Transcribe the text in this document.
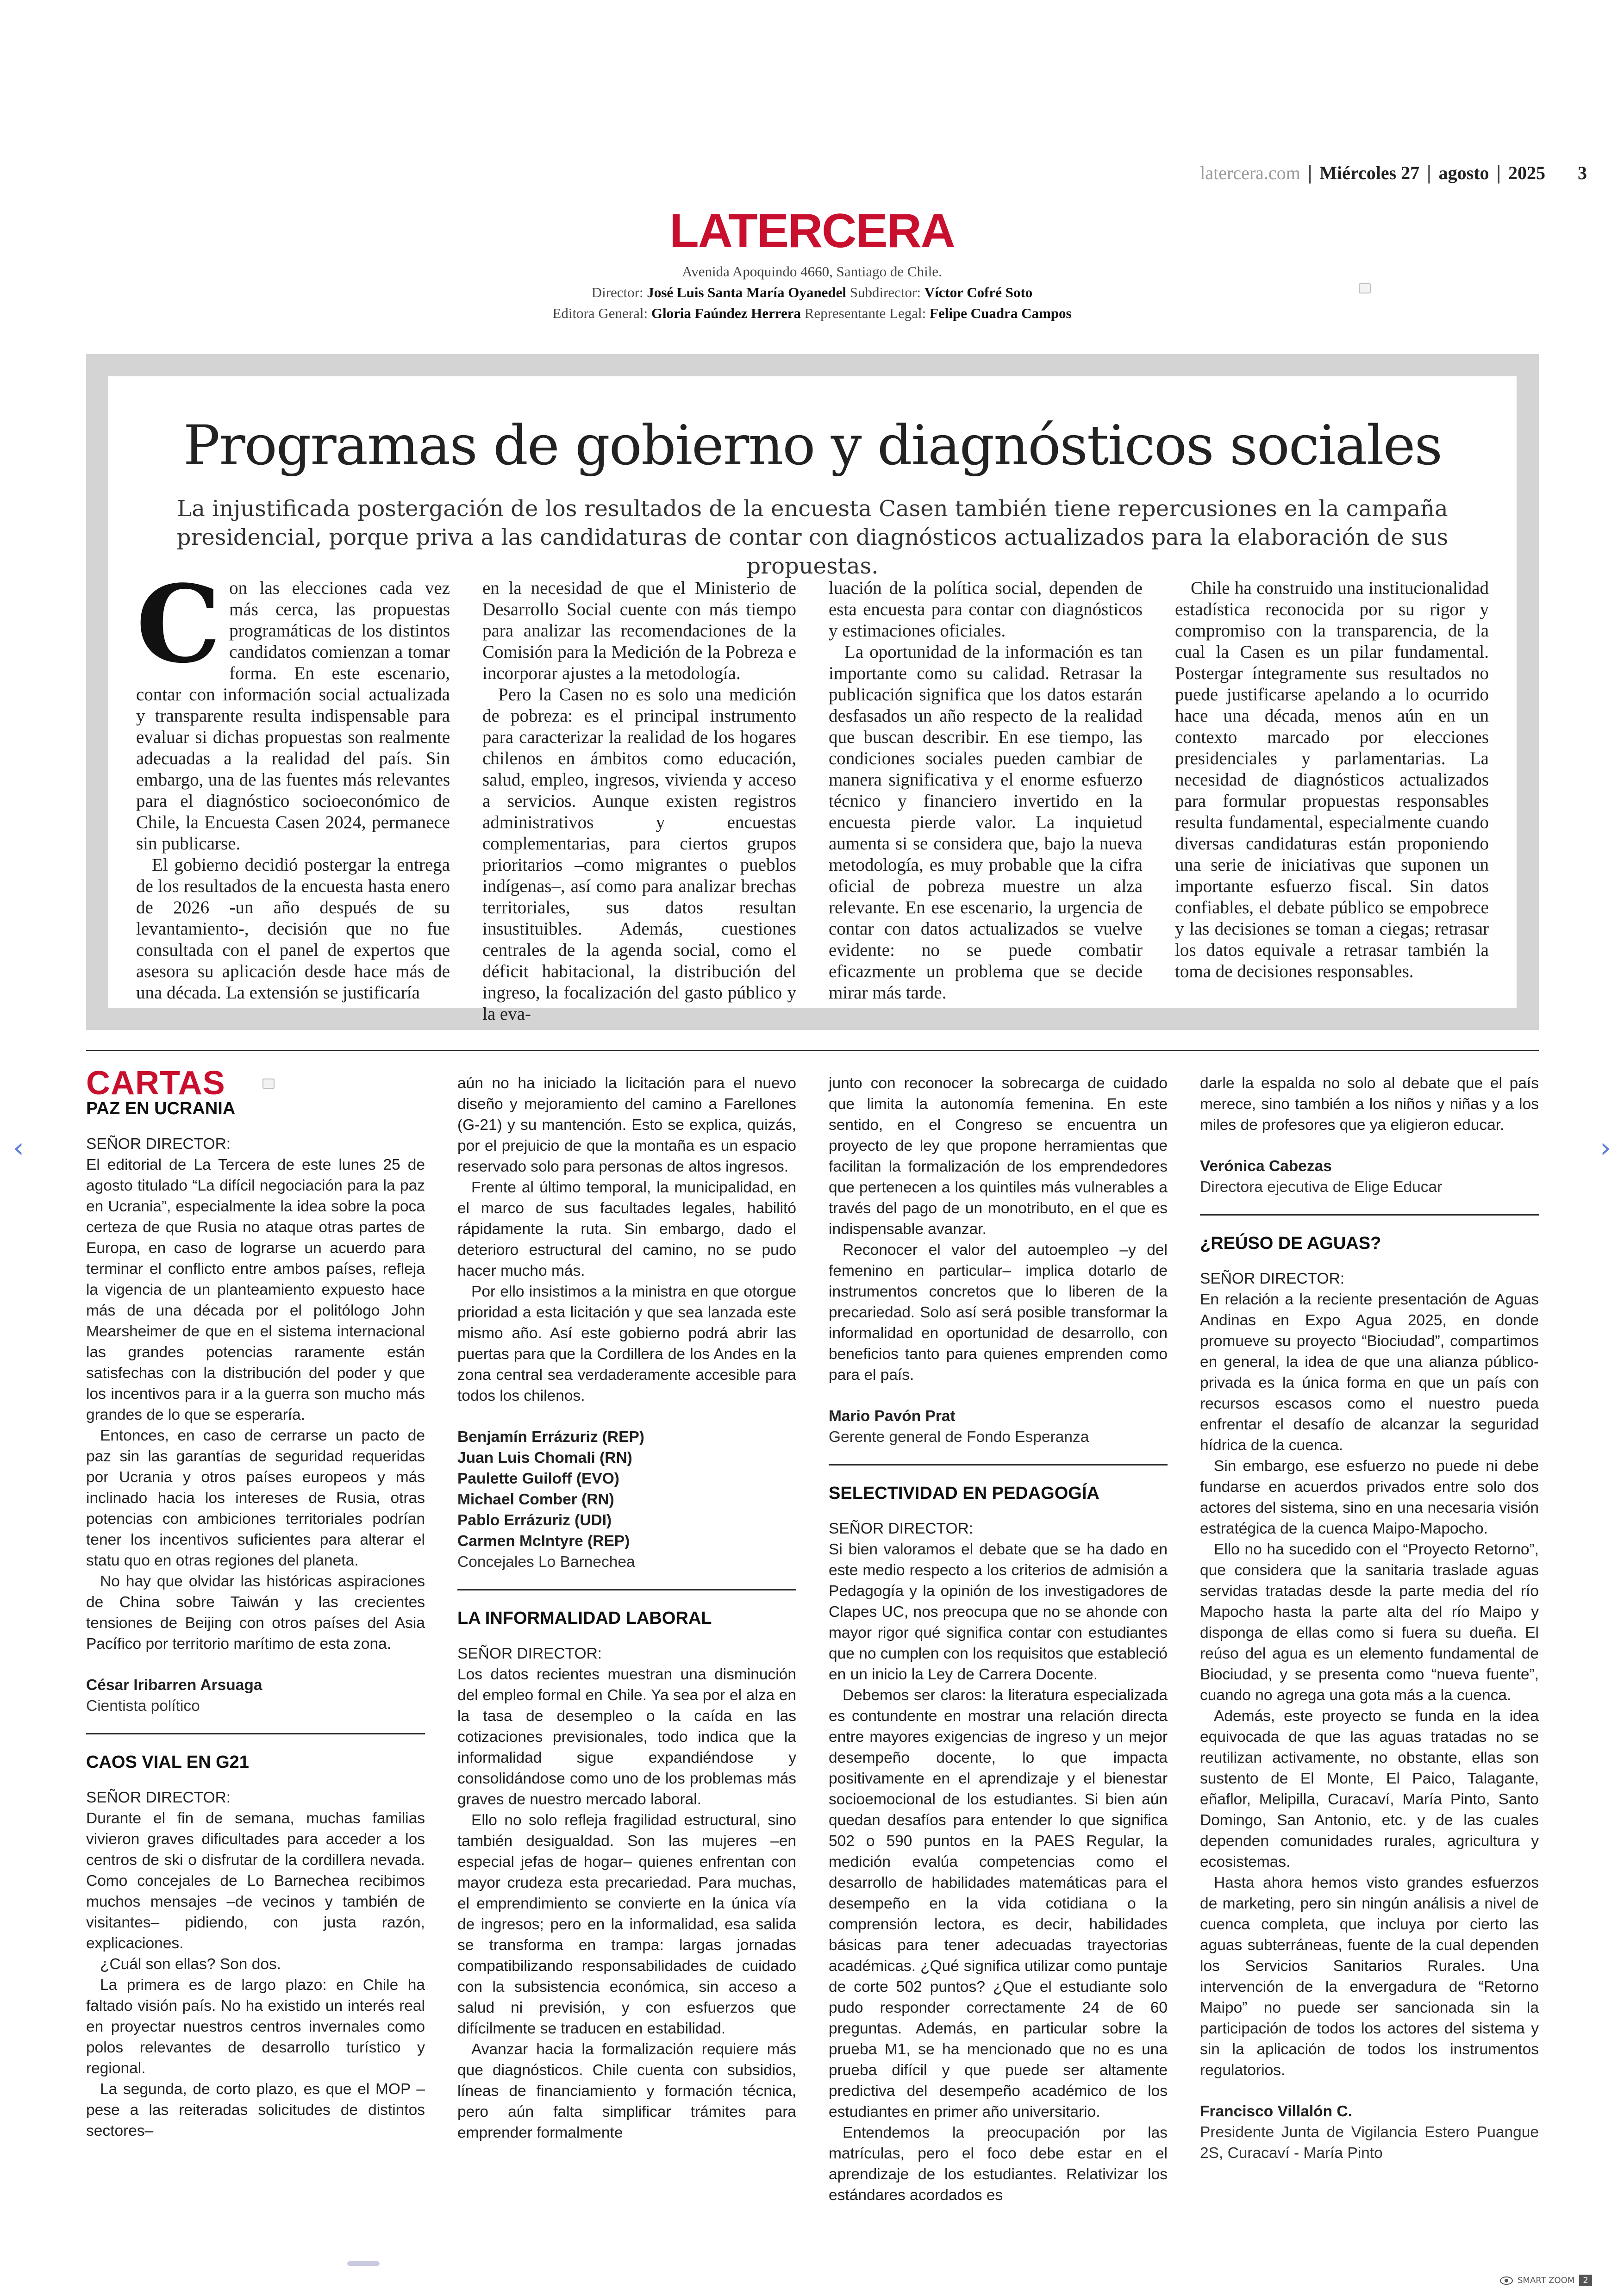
latercera.com | Miércoles 27 | agosto | 2025 3
LATERCERA
Avenida Apoquindo 4660, Santiago de Chile.
Director: José Luis Santa María Oyanedel Subdirector: Víctor Cofré Soto
Editora General: Gloria Faúndez Herrera Representante Legal: Felipe Cuadra Campos
Programas de gobierno y diagnósticos sociales
La injustificada postergación de los resultados de la encuesta Casen también tiene repercusiones en la campaña presidencial, porque priva a las candidaturas de contar con diagnósticos actualizados para la elaboración de sus propuestas.

Con las elecciones cada vez más cerca, las propuestas programáticas de los distintos candidatos comienzan a tomar forma. En este escenario, contar con información social actualizada y transparente resulta indispensable para evaluar si dichas propuestas son realmente adecuadas a la realidad del país. Sin embargo, una de las fuentes más relevantes para el diagnóstico socioeconómico de Chile, la Encuesta Casen 2024, permanece sin publicarse.

El gobierno decidió postergar la entrega de los resultados de la encuesta hasta enero de 2026 -un año después de su levantamiento-, decisión que no fue consultada con el panel de expertos que asesora su aplicación desde hace más de una década. La extensión se justificaría

en la necesidad de que el Ministerio de Desarrollo Social cuente con más tiempo para analizar las recomendaciones de la Comisión para la Medición de la Pobreza e incorporar ajustes a la metodología.

Pero la Casen no es solo una medición de pobreza: es el principal instrumento para caracterizar la realidad de los hogares chilenos en ámbitos como educación, salud, empleo, ingresos, vivienda y acceso a servicios. Aunque existen registros administrativos y encuestas complementarias, para ciertos grupos prioritarios –como migrantes o pueblos indígenas–, así como para analizar brechas territoriales, sus datos resultan insustituibles. Además, cuestiones centrales de la agenda social, como el déficit habitacional, la distribución del ingreso, la focalización del gasto público y la eva-

luación de la política social, dependen de esta encuesta para contar con diagnósticos y estimaciones oficiales.

La oportunidad de la información es tan importante como su calidad. Retrasar la publicación significa que los datos estarán desfasados un año respecto de la realidad que buscan describir. En ese tiempo, las condiciones sociales pueden cambiar de manera significativa y el enorme esfuerzo técnico y financiero invertido en la encuesta pierde valor. La inquietud aumenta si se considera que, bajo la nueva metodología, es muy probable que la cifra oficial de pobreza muestre un alza relevante. En ese escenario, la urgencia de contar con datos actualizados se vuelve evidente: no se puede combatir eficazmente un problema que se decide mirar más tarde.

Chile ha construido una institucionalidad estadística reconocida por su rigor y compromiso con la transparencia, de la cual la Casen es un pilar fundamental. Postergar íntegramente sus resultados no puede justificarse apelando a lo ocurrido hace una década, menos aún en un contexto marcado por elecciones presidenciales y parlamentarias. La necesidad de diagnósticos actualizados para formular propuestas responsables resulta fundamental, especialmente cuando diversas candidaturas están proponiendo una serie de iniciativas que suponen un importante esfuerzo fiscal. Sin datos confiables, el debate público se empobrece y las decisiones se toman a ciegas; retrasar los datos equivale a retrasar también la toma de decisiones responsables.

CARTAS
PAZ EN UCRANIA

SEÑOR DIRECTOR:

El editorial de La Tercera de este lunes 25 de agosto titulado “La difícil negociación para la paz en Ucrania”, especialmente la idea sobre la poca certeza de que Rusia no ataque otras partes de Europa, en caso de lograrse un acuerdo para terminar el conflicto entre ambos países, refleja la vigencia de un planteamiento expuesto hace más de una década por el politólogo John Mearsheimer de que en el sistema internacional las grandes potencias raramente están satisfechas con la distribución del poder y que los incentivos para ir a la guerra son mucho más grandes de lo que se esperaría.

Entonces, en caso de cerrarse un pacto de paz sin las garantías de seguridad requeridas por Ucrania y otros países europeos y más inclinado hacia los intereses de Rusia, otras potencias con ambiciones territoriales podrían tener los incentivos suficientes para alterar el statu quo en otras regiones del planeta.

No hay que olvidar las históricas aspiraciones de China sobre Taiwán y las crecientes tensiones de Beijing con otros países del Asia Pacífico por territorio marítimo de esta zona.

César Iribarren Arsuaga

Cientista político

CAOS VIAL EN G21

SEÑOR DIRECTOR:

Durante el fin de semana, muchas familias vivieron graves dificultades para acceder a los centros de ski o disfrutar de la cordillera nevada. Como concejales de Lo Barnechea recibimos muchos mensajes –de vecinos y también de visitantes– pidiendo, con justa razón, explicaciones.

¿Cuál son ellas? Son dos.

La primera es de largo plazo: en Chile ha faltado visión país. No ha existido un interés real en proyectar nuestros centros invernales como polos relevantes de desarrollo turístico y regional.

La segunda, de corto plazo, es que el MOP –pese a las reiteradas solicitudes de distintos sectores–

aún no ha iniciado la licitación para el nuevo diseño y mejoramiento del camino a Farellones (G-21) y su mantención. Esto se explica, quizás, por el prejuicio de que la montaña es un espacio reservado solo para personas de altos ingresos.

Frente al último temporal, la municipalidad, en el marco de sus facultades legales, habilitó rápidamente la ruta. Sin embargo, dado el deterioro estructural del camino, no se pudo hacer mucho más.

Por ello insistimos a la ministra en que otorgue prioridad a esta licitación y que sea lanzada este mismo año. Así este gobierno podrá abrir las puertas para que la Cordillera de los Andes en la zona central sea verdaderamente accesible para todos los chilenos.

Benjamín Errázuriz (REP)
Juan Luis Chomali (RN)
Paulette Guiloff (EVO)
Michael Comber (RN)
Pablo Errázuriz (UDI)
Carmen McIntyre (REP)

Concejales Lo Barnechea

LA INFORMALIDAD LABORAL

SEÑOR DIRECTOR:

Los datos recientes muestran una disminución del empleo formal en Chile. Ya sea por el alza en la tasa de desempleo o la caída en las cotizaciones previsionales, todo indica que la informalidad sigue expandiéndose y consolidándose como uno de los problemas más graves de nuestro mercado laboral.

Ello no solo refleja fragilidad estructural, sino también desigualdad. Son las mujeres –en especial jefas de hogar– quienes enfrentan con mayor crudeza esta precariedad. Para muchas, el emprendimiento se convierte en la única vía de ingresos; pero en la informalidad, esa salida se transforma en trampa: largas jornadas compatibilizando responsabilidades de cuidado con la subsistencia económica, sin acceso a salud ni previsión, y con esfuerzos que difícilmente se traducen en estabilidad.

Avanzar hacia la formalización requiere más que diagnósticos. Chile cuenta con subsidios, líneas de financiamiento y formación técnica, pero aún falta simplificar trámites para emprender formalmente

junto con reconocer la sobrecarga de cuidado que limita la autonomía femenina. En este sentido, en el Congreso se encuentra un proyecto de ley que propone herramientas que facilitan la formalización de los emprendedores que pertenecen a los quintiles más vulnerables a través del pago de un monotributo, en el que es indispensable avanzar.

Reconocer el valor del autoempleo –y del femenino en particular– implica dotarlo de instrumentos concretos que lo liberen de la precariedad. Solo así será posible transformar la informalidad en oportunidad de desarrollo, con beneficios tanto para quienes emprenden como para el país.

Mario Pavón Prat

Gerente general de Fondo Esperanza

SELECTIVIDAD EN PEDAGOGÍA

SEÑOR DIRECTOR:

Si bien valoramos el debate que se ha dado en este medio respecto a los criterios de admisión a Pedagogía y la opinión de los investigadores de Clapes UC, nos preocupa que no se ahonde con mayor rigor qué significa contar con estudiantes que no cumplen con los requisitos que estableció en un inicio la Ley de Carrera Docente.

Debemos ser claros: la literatura especializada es contundente en mostrar una relación directa entre mayores exigencias de ingreso y un mejor desempeño docente, lo que impacta positivamente en el aprendizaje y el bienestar socioemocional de los estudiantes. Si bien aún quedan desafíos para entender lo que significa 502 o 590 puntos en la PAES Regular, la medición evalúa competencias como el desarrollo de habilidades matemáticas para el desempeño en la vida cotidiana o la comprensión lectora, es decir, habilidades básicas para tener adecuadas trayectorias académicas. ¿Qué significa utilizar como puntaje de corte 502 puntos? ¿Que el estudiante solo pudo responder correctamente 24 de 60 preguntas. Además, en particular sobre la prueba M1, se ha mencionado que no es una prueba difícil y que puede ser altamente predictiva del desempeño académico de los estudiantes en primer año universitario.

Entendemos la preocupación por las matrículas, pero el foco debe estar en el aprendizaje de los estudiantes. Relativizar los estándares acordados es

darle la espalda no solo al debate que el país merece, sino también a los niños y niñas y a los miles de profesores que ya eligieron educar.

Verónica Cabezas

Directora ejecutiva de Elige Educar

¿REÚSO DE AGUAS?

SEÑOR DIRECTOR:

En relación a la reciente presentación de Aguas Andinas en Expo Agua 2025, en donde promueve su proyecto “Biociudad”, compartimos en general, la idea de que una alianza público-privada es la única forma en que un país con recursos escasos como el nuestro pueda enfrentar el desafío de alcanzar la seguridad hídrica de la cuenca.

Sin embargo, ese esfuerzo no puede ni debe fundarse en acuerdos privados entre solo dos actores del sistema, sino en una necesaria visión estratégica de la cuenca Maipo-Mapocho.

Ello no ha sucedido con el “Proyecto Retorno”, que considera que la sanitaria traslade aguas servidas tratadas desde la parte media del río Mapocho hasta la parte alta del río Maipo y disponga de ellas como si fuera su dueña. El reúso del agua es un elemento fundamental de Biociudad, y se presenta como “nueva fuente”, cuando no agrega una gota más a la cuenca.

Además, este proyecto se funda en la idea equivocada de que las aguas tratadas no se reutilizan activamente, no obstante, ellas son sustento de El Monte, El Paico, Talagante, eñaflor, Melipilla, Curacaví, María Pinto, Santo Domingo, San Antonio, etc. y de las cuales dependen comunidades rurales, agricultura y ecosistemas.

Hasta ahora hemos visto grandes esfuerzos de marketing, pero sin ningún análisis a nivel de cuenca completa, que incluya por cierto las aguas subterráneas, fuente de la cual dependen los Servicios Sanitarios Rurales. Una intervención de la envergadura de “Retorno Maipo” no puede ser sancionada sin la participación de todos los actores del sistema y sin la aplicación de todos los instrumentos regulatorios.

Francisco Villalón C.

Presidente Junta de Vigilancia Estero Puangue 2S, Curacaví - María Pinto

‹	›
SMART ZOOM	2
